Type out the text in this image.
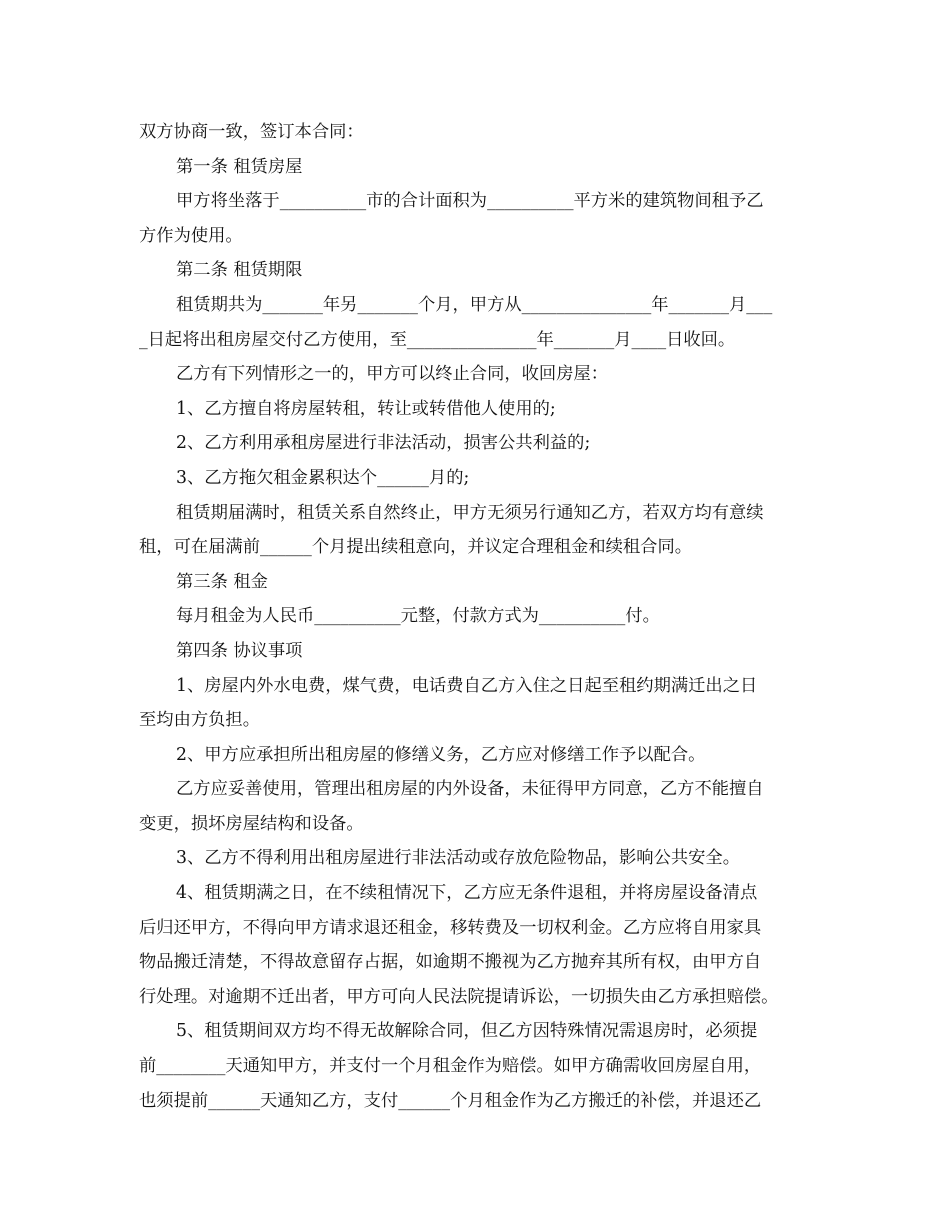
双方协商一致，签订本合同：
第一条 租赁房屋
甲方将坐落于__________市的合计面积为__________平方米的建筑物间租予乙
方作为使用。
第二条 租赁期限
租赁期共为_______年另_______个月，甲方从_______________年_______月___
_日起将出租房屋交付乙方使用，至_______________年_______月____日收回。
乙方有下列情形之一的，甲方可以终止合同，收回房屋：
1、乙方擅自将房屋转租，转让或转借他人使用的;
2、乙方利用承租房屋进行非法活动，损害公共利益的;
3、乙方拖欠租金累积达个______月的;
租赁期届满时，租赁关系自然终止，甲方无须另行通知乙方，若双方均有意续
租，可在届满前______个月提出续租意向，并议定合理租金和续租合同。
第三条 租金
每月租金为人民币__________元整，付款方式为__________付。
第四条 协议事项
1、房屋内外水电费，煤气费，电话费自乙方入住之日起至租约期满迁出之日
至均由方负担。
2、甲方应承担所出租房屋的修缮义务，乙方应对修缮工作予以配合。
乙方应妥善使用，管理出租房屋的内外设备，未征得甲方同意，乙方不能擅自
变更，损坏房屋结构和设备。
3、乙方不得利用出租房屋进行非法活动或存放危险物品，影响公共安全。
4、租赁期满之日，在不续租情况下，乙方应无条件退租，并将房屋设备清点
后归还甲方，不得向甲方请求退还租金，移转费及一切权利金。乙方应将自用家具
物品搬迁清楚，不得故意留存占据，如逾期不搬视为乙方抛弃其所有权，由甲方自
行处理。对逾期不迁出者，甲方可向人民法院提请诉讼，一切损失由乙方承担赔偿。
5、租赁期间双方均不得无故解除合同，但乙方因特殊情况需退房时，必须提
前________天通知甲方，并支付一个月租金作为赔偿。如甲方确需收回房屋自用，
也须提前______天通知乙方，支付______个月租金作为乙方搬迁的补偿，并退还乙
